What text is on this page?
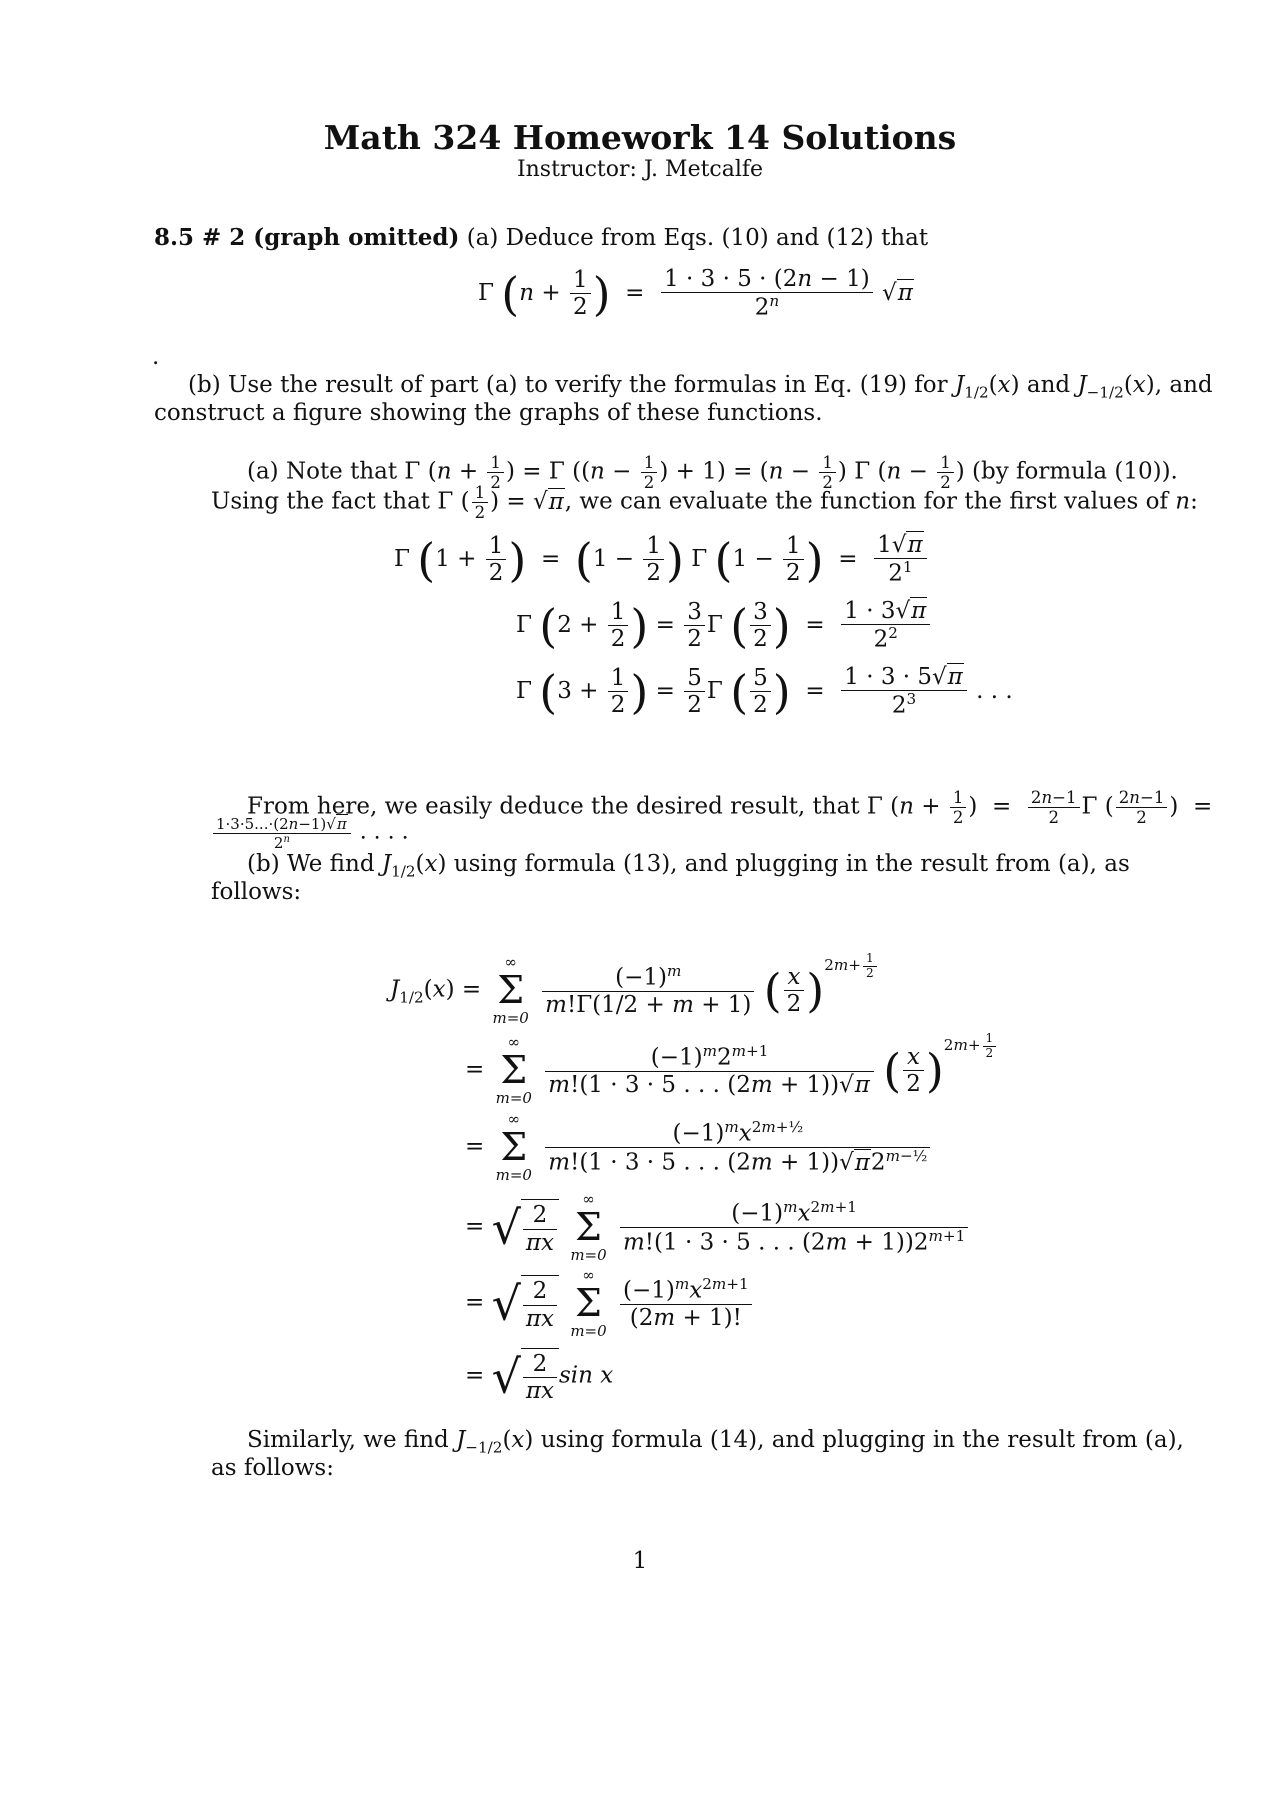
Math 324 Homework 14 Solutions
Instructor: J. Metcalfe
8.5 # 2 (graph omitted) (a) Deduce from Eqs. (10) and (12) that
Γ ($n + \frac{1}{2}$ )  = $\frac{1 \cdot 3 \cdot 5 \cdot (2n - 1)}{2^n} √\pi$
.
(b) Use the result of part (a) to verify the formulas in Eq. (19) for $J_{1/2}(x)$ and $J_{-1/2}(x)$, and
construct a figure showing the graphs of these functions.
(a) Note that Γ ($n + \frac{1}{2}$ ) = Γ (($n - \frac{1}{2}$ ) + $1) = (n - \frac{1}{2}$ ) Γ ($n - \frac{1}{2}$ ) (by formula (10)).
Using the fact that Γ ( $\frac{1}{2}$ ) = √π, we can evaluate the function for the first values of n:
Γ ($1 + \frac{1}{2}$ )  =  ($1 - \frac{1}{2}$ ) Γ ($1 - \frac{1}{2}$ )  = $\frac{1√\pi}{2^1}$
Γ ($2 + \frac{1}{2}$ ) = $\frac{3}{2}$ Γ ( $\frac{3}{2}$ )  = $\frac{1 \cdot 3√\pi}{2^2}$
Γ ($3 + \frac{1}{2}$ ) = $\frac{5}{2}$ Γ ( $\frac{5}{2}$ )  = $\frac{1 \cdot 3 \cdot 5√\pi}{2^3}$ . . .
From here, we easily deduce the desired result, that Γ ($n + \frac{1}{2}$ )  = $\frac{2n-1}{2}$ Γ ( $\frac{2n-1}{2}$ )  =
$\frac{1\cdot 3\cdot 5...\cdot(2n-1)√\pi}{2^n}$ . . . .
(b) We find $J_{1/2}(x)$ using formula (13), and plugging in the result from (a), as
follows:
$J_{1/2}(x)$ =
∞
Σ
m=0
$\frac{(-1)^m}{m!\Gamma(1/2 + m + 1)}$ ( $\frac{x}{2} )^{2m+ \frac{1}{2}}$
=
∞
Σ
m=0
$\frac{(-1)^m2^{m+1}}{m!(1 \cdot 3 \cdot 5 . . . (2m + 1))√\pi}$ ( $\frac{x}{2} )^{2m+ \frac{1}{2}}$
=
∞
Σ
m=0
$\frac{(-1)^mx^{2m+\frac{1}{2}}}{m!(1 \cdot 3 \cdot 5 . . . (2m + 1))√\pi 2^{m-\frac{1}{2}}}$
= √ $\frac{2}{\pi x}$

∞
Σ
m=0
$\frac{(-1)^mx^{2m+1}}{m!(1 \cdot 3 \cdot 5 . . . (2m + 1))2^{m+1}}$
= √ $\frac{2}{\pi x}$

∞
Σ
m=0
$\frac{(-1)^mx^{2m+1}}{(2m + 1)!}$
= √ $\frac{2}{\pi x}$ sin x
Similarly, we find $J_{-1/2}(x)$ using formula (14), and plugging in the result from (a),
as follows:
1
